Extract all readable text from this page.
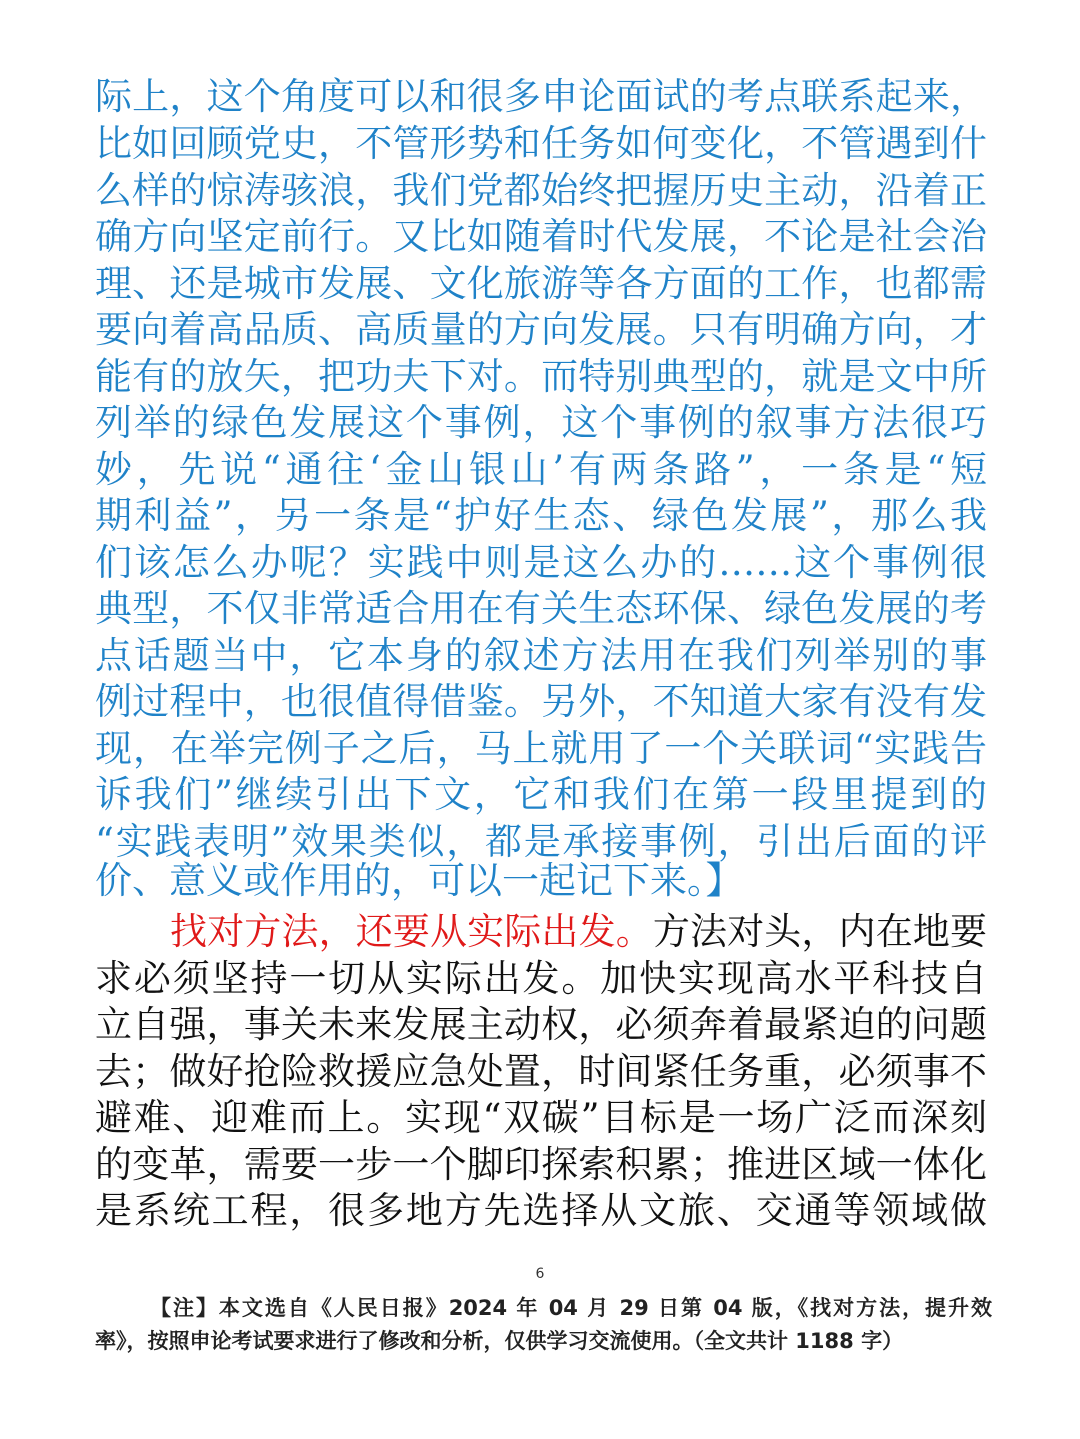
际上，这个角度可以和很多申论面试的考点联系起来，
比如回顾党史，不管形势和任务如何变化，不管遇到什
么样的惊涛骇浪，我们党都始终把握历史主动，沿着正
确方向坚定前行。又比如随着时代发展，不论是社会治
理、还是城市发展、文化旅游等各方面的工作，也都需
要向着高品质、高质量的方向发展。只有明确方向，才
能有的放矢，把功夫下对。而特别典型的，就是文中所
列举的绿色发展这个事例，这个事例的叙事方法很巧
妙，先说“通往‘金山银山’有两条路”，一条是“短
期利益”，另一条是“护好生态、绿色发展”，那么我
们该怎么办呢？实践中则是这么办的……这个事例很
典型，不仅非常适合用在有关生态环保、绿色发展的考
点话题当中，它本身的叙述方法用在我们列举别的事
例过程中，也很值得借鉴。另外，不知道大家有没有发
现，在举完例子之后，马上就用了一个关联词“实践告
诉我们”继续引出下文，它和我们在第一段里提到的
“实践表明”效果类似，都是承接事例，引出后面的评
价、意义或作用的，可以一起记下来。】
找对方法，还要从实际出发。方法对头，内在地要
求必须坚持一切从实际出发。加快实现高水平科技自
立自强，事关未来发展主动权，必须奔着最紧迫的问题
去；做好抢险救援应急处置，时间紧任务重，必须事不
避难、迎难而上。实现“双碳”目标是一场广泛而深刻
的变革，需要一步一个脚印探索积累；推进区域一体化
是系统工程，很多地方先选择从文旅、交通等领域做
6
【注】本文选自《人民日报》2024 年 04 月 29 日第 04 版，《找对方法，提升效
率》，按照申论考试要求进行了修改和分析，仅供学习交流使用。（全文共计 1188 字）
